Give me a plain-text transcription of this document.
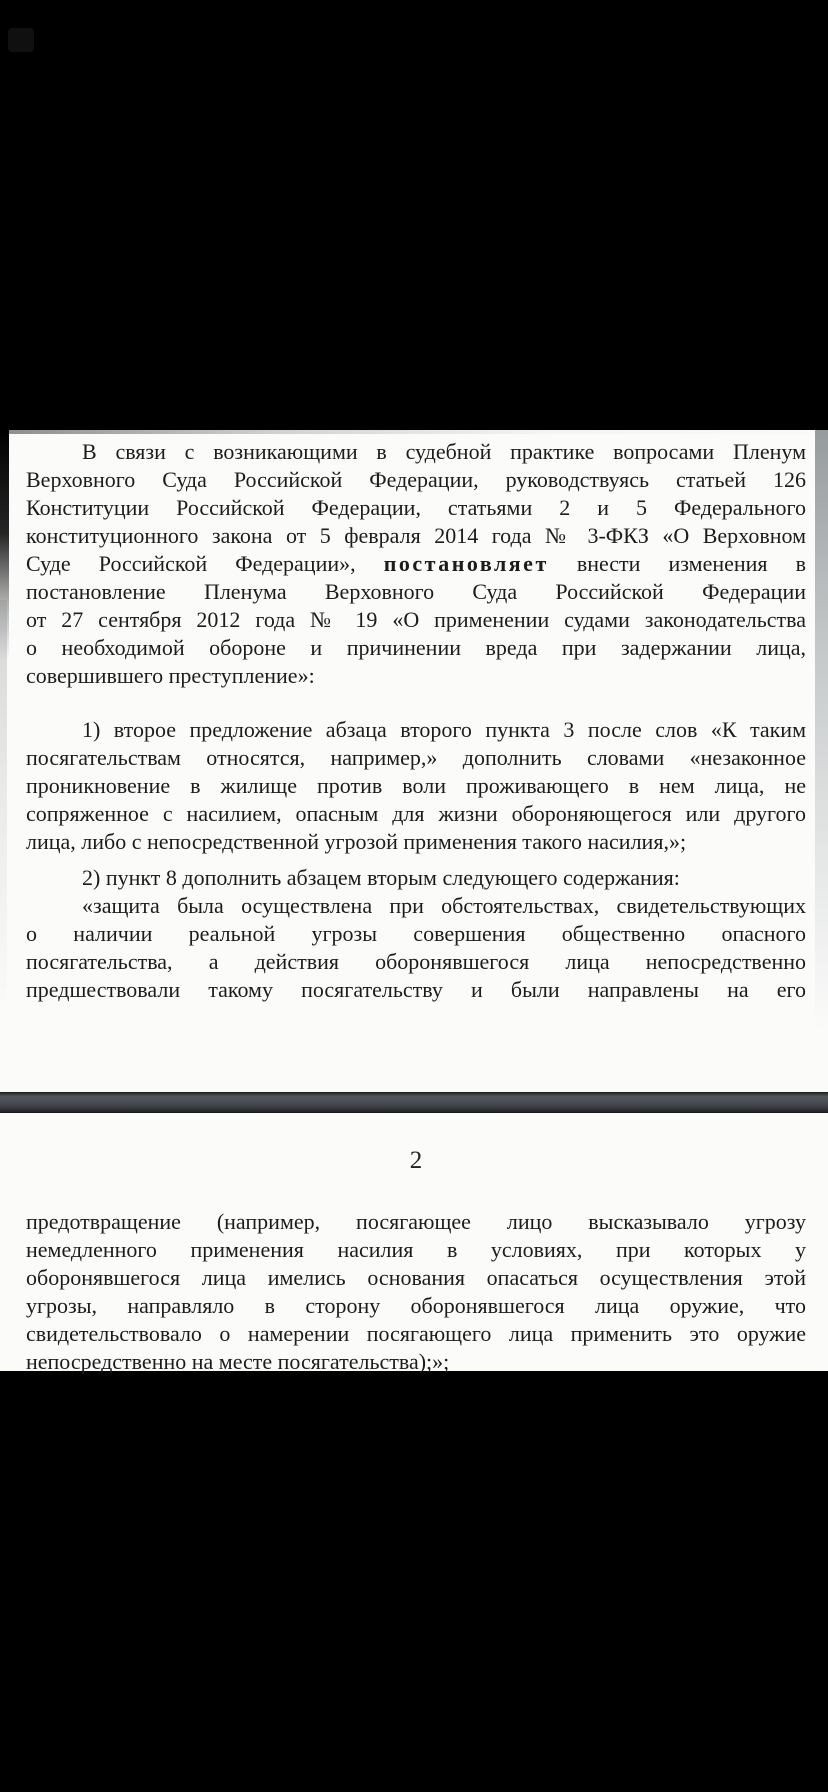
В связи с возникающими в судебной практике вопросами Пленум
Верховного Суда Российской Федерации, руководствуясь статьей 126
Конституции Российской Федерации, статьями 2 и 5 Федерального
конституционного закона от 5 февраля 2014 года № 3-ФКЗ «О Верховном
Суде Российской Федерации», постановляет внести изменения в
постановление Пленума Верховного Суда Российской Федерации
от 27 сентября 2012 года № 19 «О применении судами законодательства
о необходимой обороне и причинении вреда при задержании лица,
совершившего преступление»:
1) второе предложение абзаца второго пункта 3 после слов «К таким
посягательствам относятся, например,» дополнить словами «незаконное
проникновение в жилище против воли проживающего в нем лица, не
сопряженное с насилием, опасным для жизни обороняющегося или другого
лица, либо с непосредственной угрозой применения такого насилия,»;
2) пункт 8 дополнить абзацем вторым следующего содержания:
«защита была осуществлена при обстоятельствах, свидетельствующих
о наличии реальной угрозы совершения общественно опасного
посягательства, а действия оборонявшегося лица непосредственно
предшествовали такому посягательству и были направлены на его
2
предотвращение (например, посягающее лицо высказывало угрозу
немедленного применения насилия в условиях, при которых у
оборонявшегося лица имелись основания опасаться осуществления этой
угрозы, направляло в сторону оборонявшегося лица оружие, что
свидетельствовало о намерении посягающего лица применить это оружие
непосредственно на месте посягательства);»;
